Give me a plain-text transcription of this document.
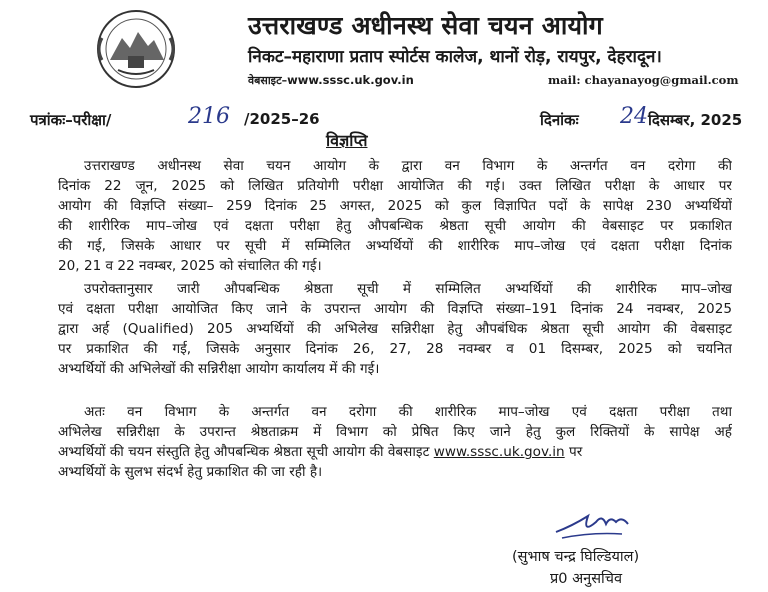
उत्तराखण्ड अधीनस्थ सेवा चयन आयोग
निकट–महाराणा प्रताप स्पोर्टस कालेज, थानों रोड़, रायपुर, देहरादून।
वेबसाइट–www.sssc.uk.gov.in	mail: chayanayog@gmail.com
पत्रांकः–परीक्षा/	216 /2025–26	दिनांकः 24 दिसम्बर, 2025
विज्ञप्ति
उत्तराखण्ड अधीनस्थ सेवा चयन आयोग के द्वारा वन विभाग के अन्तर्गत वन दरोगा की
दिनांक 22 जून, 2025 को लिखित प्रतियोगी परीक्षा आयोजित की गई। उक्त लिखित परीक्षा के आधार पर
आयोग की विज्ञप्ति संख्या– 259 दिनांक 25 अगस्त, 2025 को कुल विज्ञापित पदों के सापेक्ष 230 अभ्यर्थियों
की शारीरिक माप–जोख एवं दक्षता परीक्षा हेतु औपबन्धिक श्रेष्ठता सूची आयोग की वेबसाइट पर प्रकाशित
की गई, जिसके आधार पर सूची में सम्मिलित अभ्यर्थियों की शारीरिक माप–जोख एवं दक्षता परीक्षा दिनांक
20, 21 व 22 नवम्बर, 2025 को संचालित की गई।
उपरोक्तानुसार जारी औपबन्धिक श्रेष्ठता सूची में सम्मिलित अभ्यर्थियों की शारीरिक माप–जोख
एवं दक्षता परीक्षा आयोजित किए जाने के उपरान्त आयोग की विज्ञप्ति संख्या–191 दिनांक 24 नवम्बर, 2025
द्वारा अर्ह (Qualified) 205 अभ्यर्थियों की अभिलेख सन्निरीक्षा हेतु औपबंधिक श्रेष्ठता सूची आयोग की वेबसाइट
पर प्रकाशित की गई, जिसके अनुसार दिनांक 26, 27, 28 नवम्बर व 01 दिसम्बर, 2025 को चयनित
अभ्यर्थियों की अभिलेखों की सन्निरीक्षा आयोग कार्यालय में की गई।
अतः वन विभाग के अन्तर्गत वन दरोगा की शारीरिक माप–जोख एवं दक्षता परीक्षा तथा
अभिलेख सन्निरीक्षा के उपरान्त श्रेष्ठताक्रम में विभाग को प्रेषित किए जाने हेतु कुल रिक्तियों के सापेक्ष अर्ह
अभ्यर्थियों की चयन संस्तुति हेतु औपबन्धिक श्रेष्ठता सूची आयोग की वेबसाइट www.sssc.uk.gov.in पर
अभ्यर्थियों के सुलभ संदर्भ हेतु प्रकाशित की जा रही है।
(सुभाष चन्द्र घिल्डियाल)
प्र0 अनुसचिव
